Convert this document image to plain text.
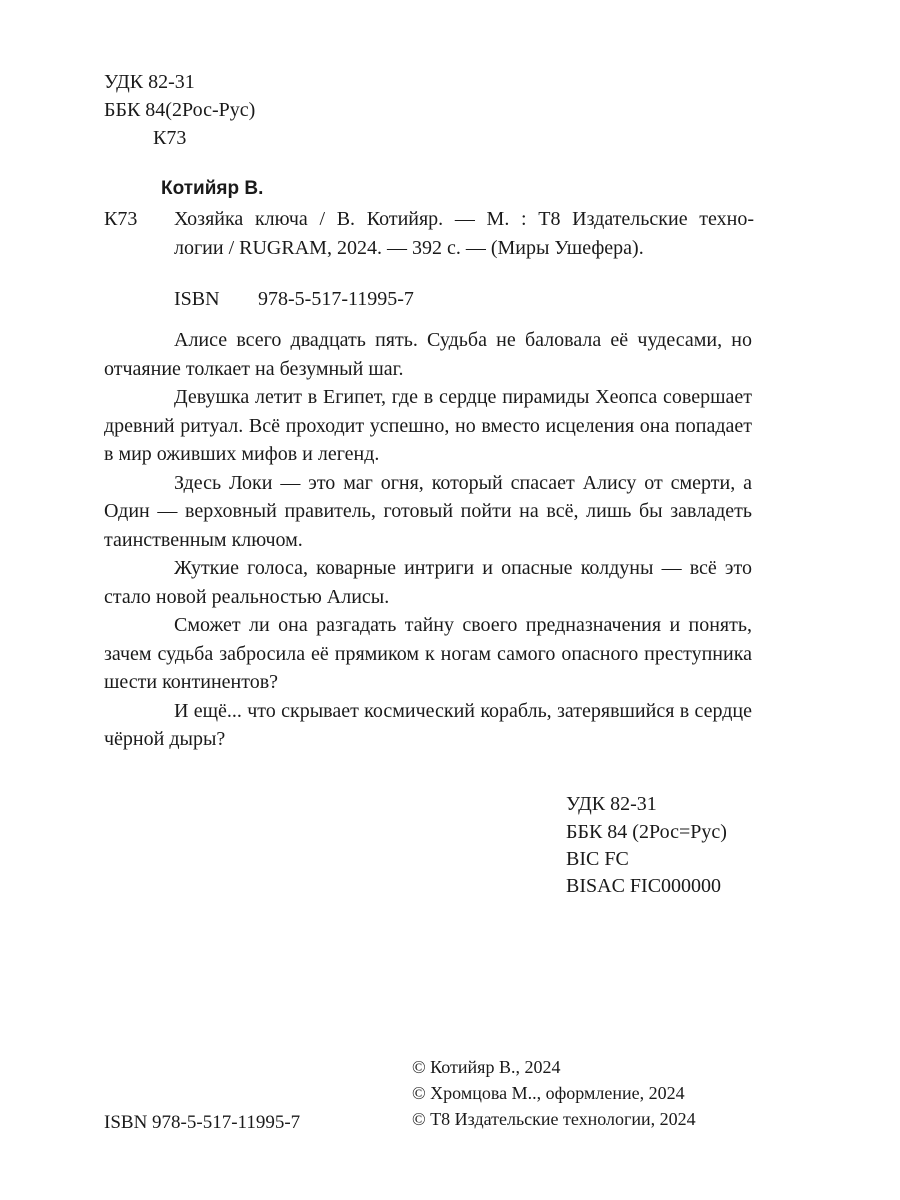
УДК 82-31
ББК 84(2Рос-Рус)
К73
Котийяр В.
К73 Хозяйка ключа / В. Котийяр. — М. : Т8 Издательские техно-
логии / RUGRAM, 2024. — 392 с. — (Миры Ушефера).
ISBN 978-5-517-11995-7

Алисе всего двадцать пять. Судьба не баловала её чудесами, но отчаяние толкает на безумный шаг.

Девушка летит в Египет, где в сердце пирамиды Хеопса совершает древний ритуал. Всё проходит успешно, но вместо исцеления она попадает в мир оживших мифов и легенд.

Здесь Локи — это маг огня, который спасает Алису от смерти, а Один — верховный правитель, готовый пойти на всё, лишь бы завладеть таинственным ключом.

Жуткие голоса, коварные интриги и опасные колдуны — всё это стало новой реальностью Алисы.

Сможет ли она разгадать тайну своего предназначения и понять, зачем судьба забросила её прямиком к ногам самого опасного преступника шести континентов?

И ещё... что скрывает космический корабль, затерявшийся в сердце чёрной дыры?

УДК 82-31
ББК 84 (2Рос=Рус)
BIC FC
BISAC FIC000000
© Котийяр В., 2024
© Хромцова М.., оформление, 2024
© Т8 Издательские технологии, 2024
ISBN 978-5-517-11995-7
